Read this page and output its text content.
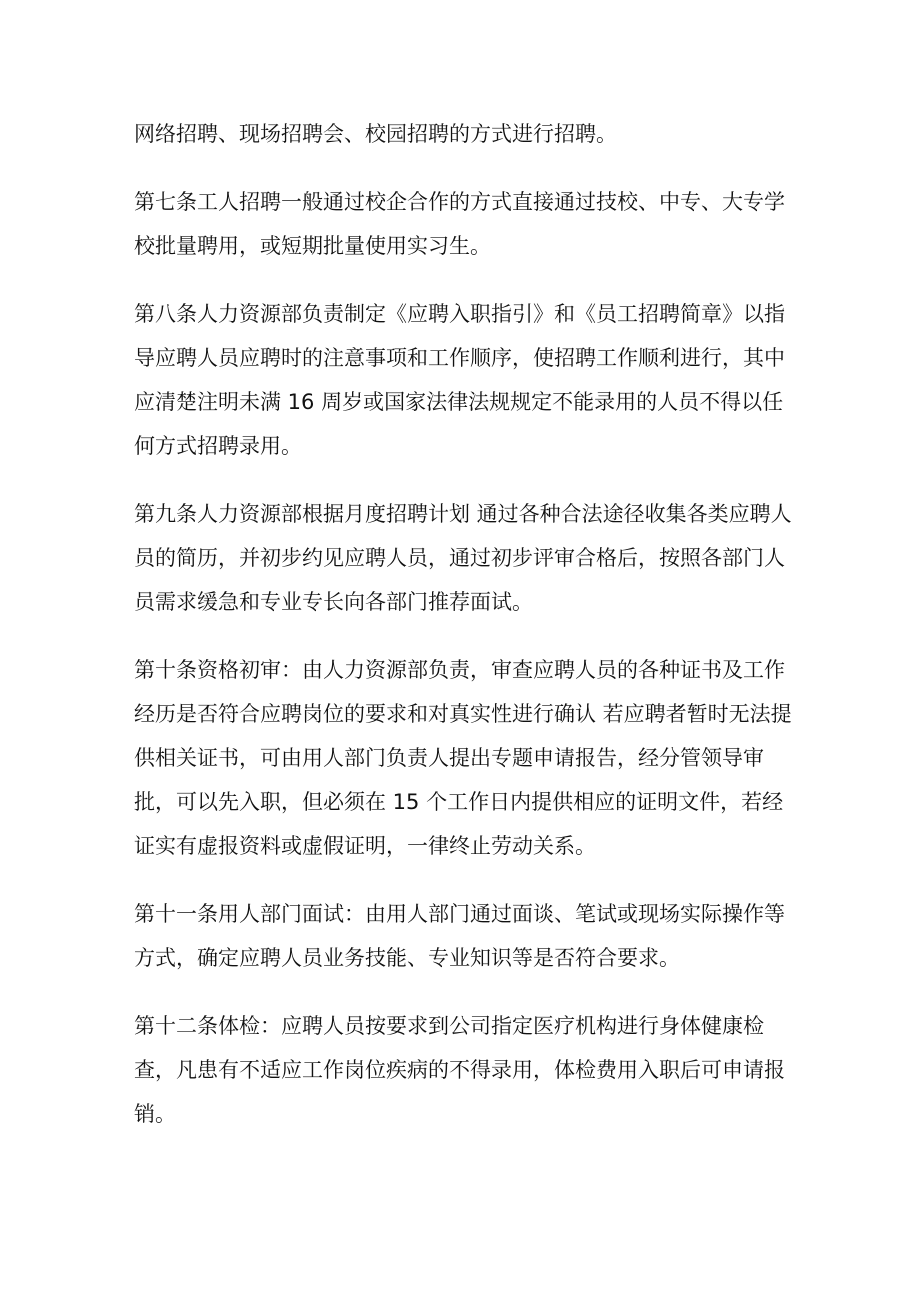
网络招聘、现场招聘会、校园招聘的方式进行招聘。

第七条工人招聘一般通过校企合作的方式直接通过技校、中专、大专学校批量聘用，或短期批量使用实习生。

第八条人力资源部负责制定《应聘入职指引》和《员工招聘简章》以指导应聘人员应聘时的注意事项和工作顺序，使招聘工作顺利进行，其中应清楚注明未满 16 周岁或国家法律法规规定不能录用的人员不得以任何方式招聘录用。

第九条人力资源部根据月度招聘计划 通过各种合法途径收集各类应聘人员的简历，并初步约见应聘人员，通过初步评审合格后，按照各部门人员需求缓急和专业专长向各部门推荐面试。

第十条资格初审：由人力资源部负责，审查应聘人员的各种证书及工作经历是否符合应聘岗位的要求和对真实性进行确认 若应聘者暂时无法提供相关证书，可由用人部门负责人提出专题申请报告，经分管领导审批，可以先入职，但必须在 15 个工作日内提供相应的证明文件，若经证实有虚报资料或虚假证明，一律终止劳动关系。

第十一条用人部门面试：由用人部门通过面谈、笔试或现场实际操作等方式，确定应聘人员业务技能、专业知识等是否符合要求。

第十二条体检：应聘人员按要求到公司指定医疗机构进行身体健康检查，凡患有不适应工作岗位疾病的不得录用，体检费用入职后可申请报销。
